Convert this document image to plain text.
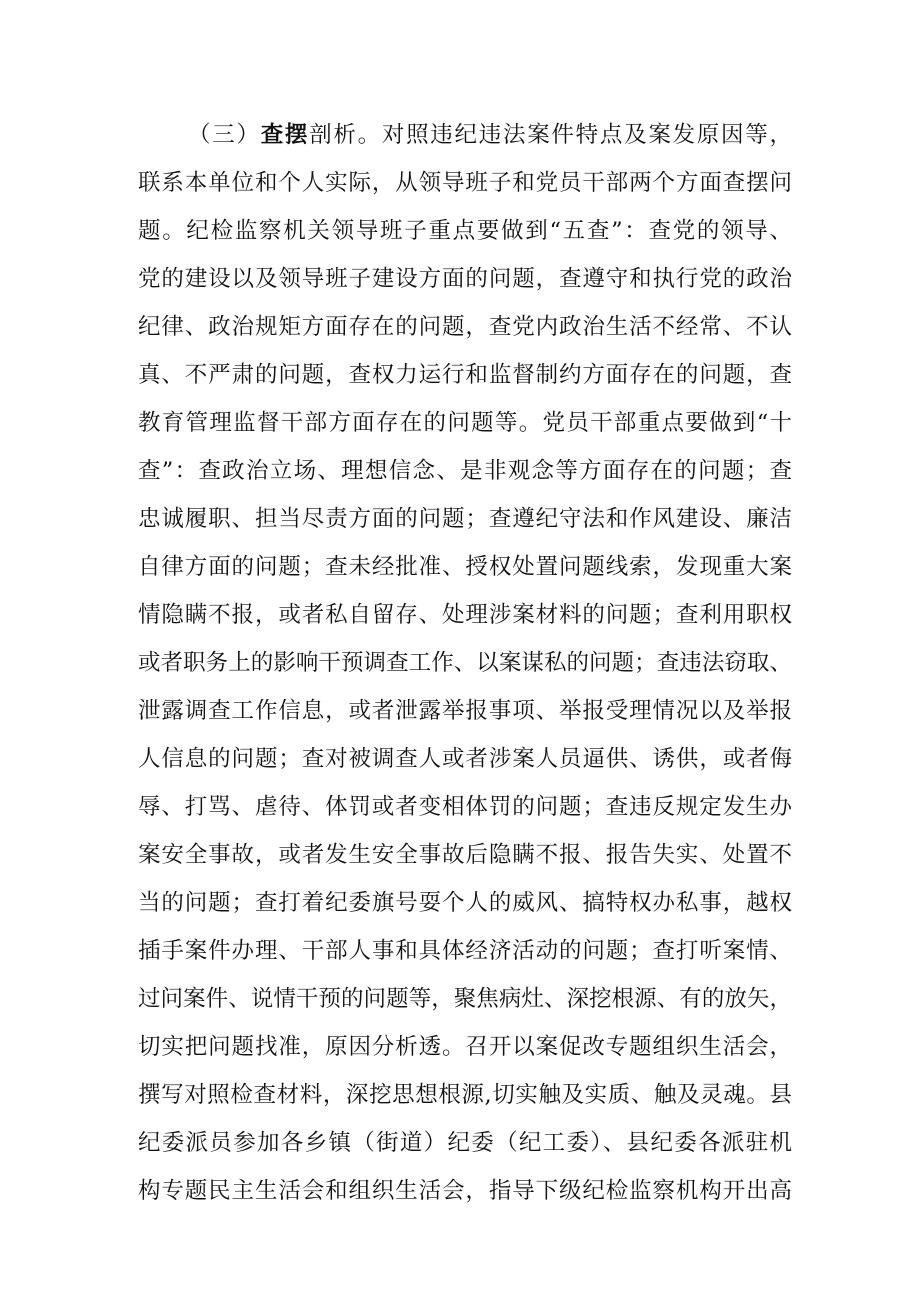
（三）查摆剖析。对照违纪违法案件特点及案发原因等，
联系本单位和个人实际，从领导班子和党员干部两个方面查摆问
题。纪检监察机关领导班子重点要做到“五查”：查党的领导、
党的建设以及领导班子建设方面的问题，查遵守和执行党的政治
纪律、政治规矩方面存在的问题，查党内政治生活不经常、不认
真、不严肃的问题，查权力运行和监督制约方面存在的问题，查
教育管理监督干部方面存在的问题等。党员干部重点要做到“十
查”：查政治立场、理想信念、是非观念等方面存在的问题；查
忠诚履职、担当尽责方面的问题；查遵纪守法和作风建设、廉洁
自律方面的问题；查未经批准、授权处置问题线索，发现重大案
情隐瞒不报，或者私自留存、处理涉案材料的问题；查利用职权
或者职务上的影响干预调查工作、以案谋私的问题；查违法窃取、
泄露调查工作信息，或者泄露举报事项、举报受理情况以及举报
人信息的问题；查对被调查人或者涉案人员逼供、诱供，或者侮
辱、打骂、虐待、体罚或者变相体罚的问题；查违反规定发生办
案安全事故，或者发生安全事故后隐瞒不报、报告失实、处置不
当的问题；查打着纪委旗号耍个人的威风、搞特权办私事，越权
插手案件办理、干部人事和具体经济活动的问题；查打听案情、
过问案件、说情干预的问题等，聚焦病灶、深挖根源、有的放矢，
切实把问题找准，原因分析透。召开以案促改专题组织生活会，
撰写对照检查材料，深挖思想根源,切实触及实质、触及灵魂。县
纪委派员参加各乡镇（街道）纪委（纪工委）、县纪委各派驻机
构专题民主生活会和组织生活会，指导下级纪检监察机构开出高
